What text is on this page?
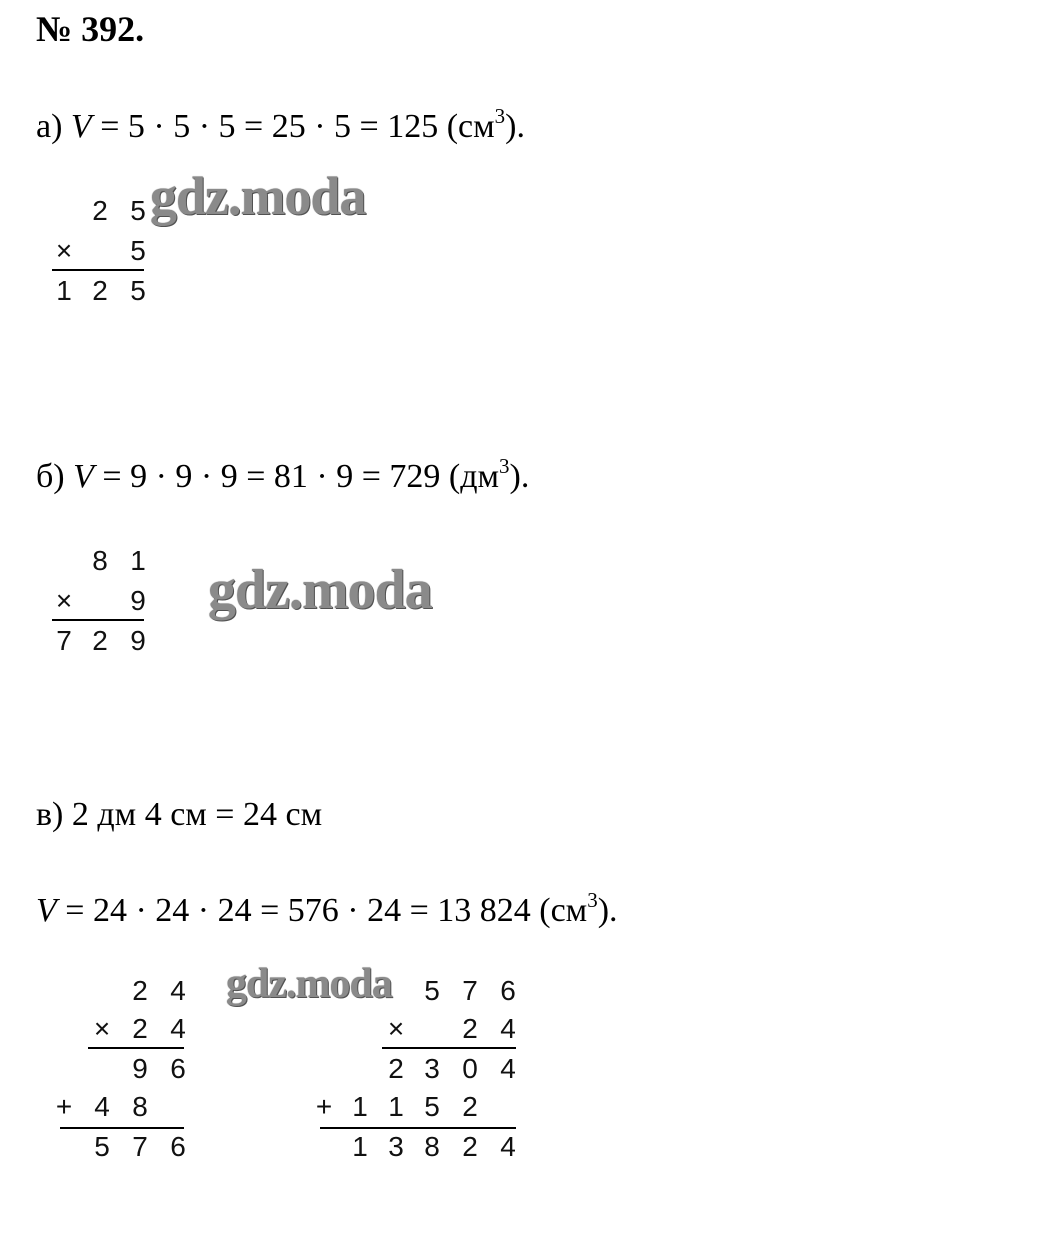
№ 392.
а) V = 5 · 5 · 5 = 25 · 5 = 125 $(см^3)$.
2 5
× 5
1 2 5
gdz.moda
б) V = 9 · 9 · 9 = 81 · 9 = 729 $(дм^3)$.
8 1
× 9
7 2 9
gdz.moda
в) 2 дм 4 см = 24 см
V = 24 · 24 · 24 = 576 · 24 = 13 824 $(см^3)$.
2 4
× 2 4
9 6
+ 4 8
5 7 6
gdz.moda 5 7 6
× 2 4
2 3 0 4
+ 1 1 5 2
1 3 8 2 4
